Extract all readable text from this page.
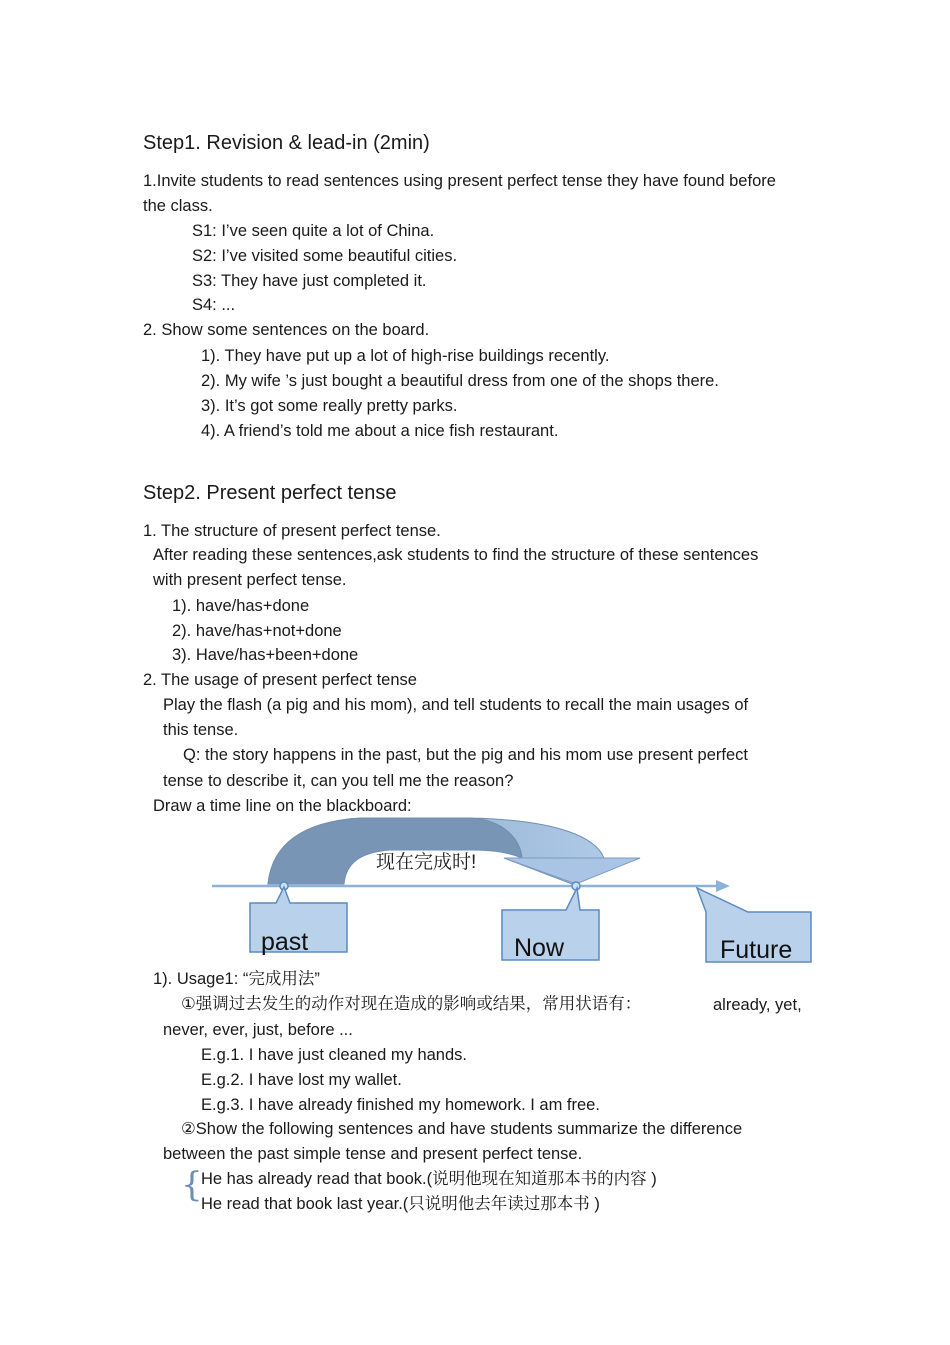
Step1. Revision & lead-in (2min)
1.Invite students to read sentences using present perfect tense they have found before
the class.
S1: I’ve seen quite a lot of China.
S2: I’ve visited some beautiful cities.
S3: They have just completed it.
S4: ...
2. Show some sentences on the board.
1). They have put up a lot of high-rise buildings recently.
2). My wife ’s just bought a beautiful dress from one of the shops there.
3). It’s got some really pretty parks.
4). A friend’s told me about a nice fish restaurant.
Step2. Present perfect tense
1. The structure of present perfect tense.
After reading these sentences,ask students to find the structure of these sentences
with present perfect tense.
1). have/has+done
2). have/has+not+done
3). Have/has+been+done
2. The usage of present perfect tense
Play the flash (a pig and his mom), and tell students to recall the main usages of
this tense.
Q: the story happens in the past, but the pig and his mom use present perfect
tense to describe it, can you tell me the reason?
Draw a time line on the blackboard:
现在完成时!
past	Now	Future
1). Usage1: “完成用法”
①强调过去发生的动作对现在造成的影响或结果，常用状语有：	already, yet,
never, ever, just, before ...
E.g.1. I have just cleaned my hands.
E.g.2. I have lost my wallet.
E.g.3. I have already finished my homework. I am free.
②Show the following sentences and have students summarize the difference
between the past simple tense and present perfect tense.
{
He has already read that book.(说明他现在知道那本书的内容 )
He read that book last year.(只说明他去年读过那本书 )
